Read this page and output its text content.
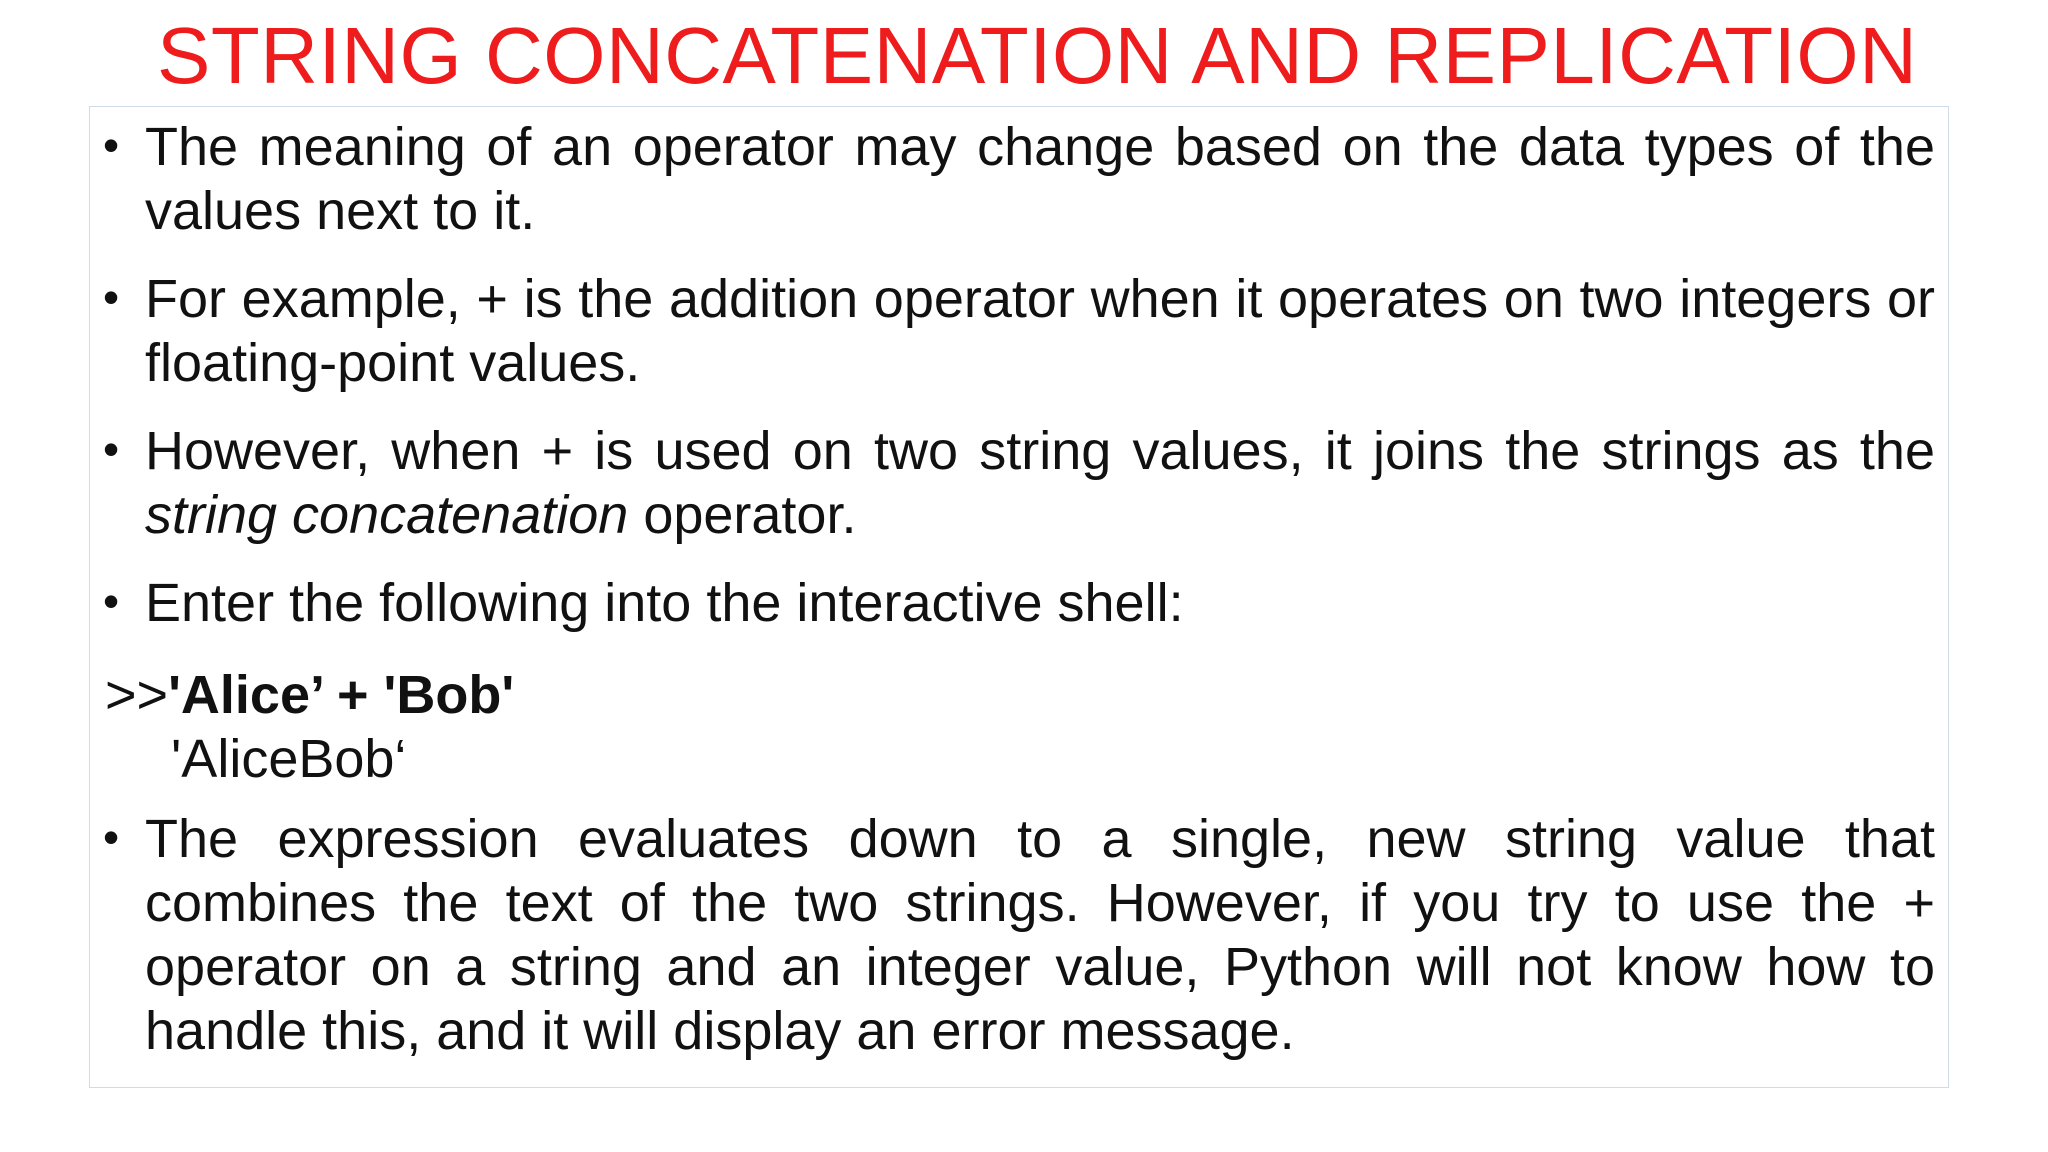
STRING CONCATENATION AND REPLICATION
• The meaning of an operator may change based on the data types of the values next to it.
• For example, + is the addition operator when it operates on two integers or floating-point values.
• However, when + is used on two string values, it joins the strings as the string concatenation operator.
• Enter the following into the interactive shell:
>>'Alice’ + 'Bob'
'AliceBob‘
• The expression evaluates down to a single, new string value that combines the text of the two strings. However, if you try to use the + operator on a string and an integer value, Python will not know how to handle this, and it will display an error message.
